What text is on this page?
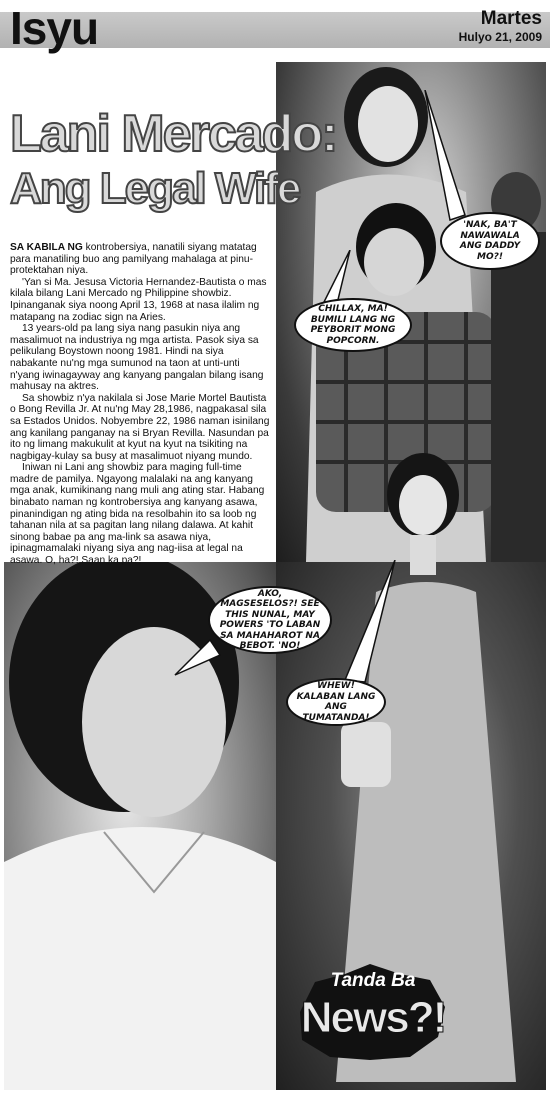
Isyu	Martes
Hulyo 21, 2009
Lani Mercado:
Ang Legal Wife

SA KABILA NG kontrobersiya, nanatili siyang matatag para manatiling buo ang pamilyang mahalaga at pinu-protektahan niya.

'Yan si Ma. Jesusa Victoria Hernandez-Bautista o mas kilala bilang Lani Mercado ng Philippine showbiz. Ipinanganak siya noong April 13, 1968 at nasa ilalim ng matapang na zodiac sign na Aries.

13 years-old pa lang siya nang pasukin niya ang masalimuot na industriya ng mga artista. Pasok siya sa pelikulang Boystown noong 1981. Hindi na siya nabakante nu'ng mga sumunod na taon at unti-unti n'yang iwinagayway ang kanyang pangalan bilang isang mahusay na aktres.

Sa showbiz n'ya nakilala si Jose Marie Mortel Bautista o Bong Revilla Jr. At nu'ng May 28,1986, nagpakasal sila sa Estados Unidos. Nobyembre 22, 1986 naman isinilang ang kanilang panganay na si Bryan Revilla. Nasundan pa ito ng limang makukulit at kyut na kyut na tsikiting na nagbigay-kulay sa busy at masalimuot niyang mundo.

Iniwan ni Lani ang showbiz para maging full-time madre de pamilya. Ngayong malalaki na ang kanyang mga anak, kumikinang nang muli ang ating star. Habang binabato naman ng kontrobersiya ang kanyang asawa, pinanindigan ng ating bida na resolbahin ito sa loob ng tahanan nila at sa pagitan lang nilang dalawa. At kahit sinong babae pa ang ma-link sa asawa niya, ipinagmamalaki niyang siya ang nag-iisa at legal na asawa. O, ha?! Saan ka pa?!

'NAK, BA'T NAWAWALA ANG DADDY MO?!
CHILLAX, MA! BUMILI LANG NG PEYBORIT MONG POPCORN.
AKO, MAGSESELOS?! SEE THIS NUNAL, MAY POWERS 'TO LABAN SA MAHAHAROT NA BEBOT. 'NO!
WHEW! KALABAN LANG ANG TUMATANDA!
Tanda Ba
News?!
